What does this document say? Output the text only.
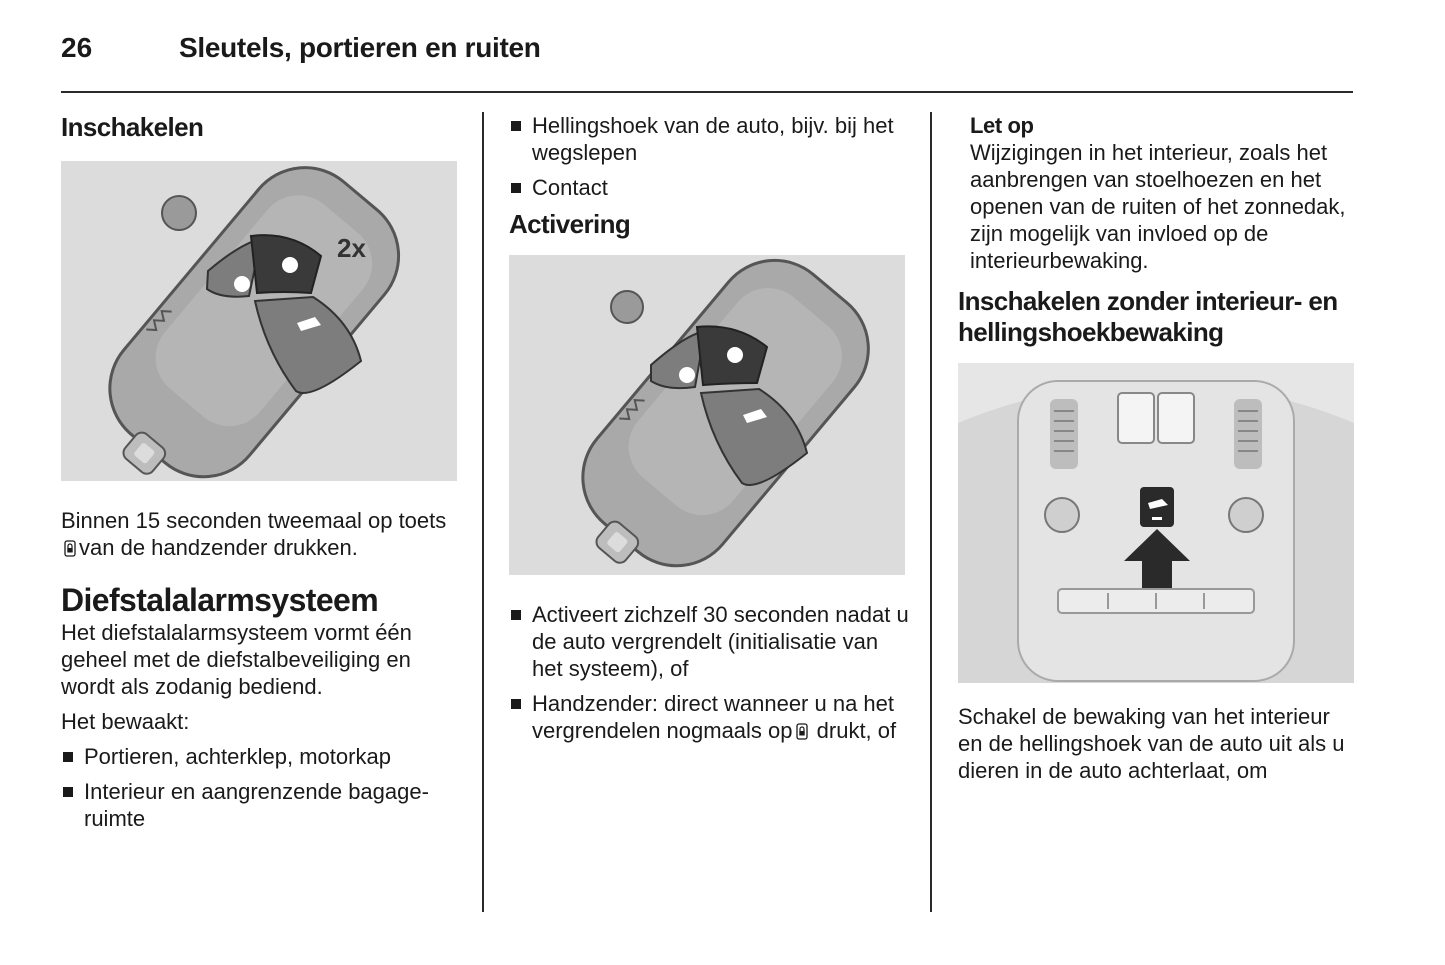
26	Sleutels, portieren en ruiten
Inschakelen
2x

Binnen 15 seconden tweemaal op toetsvan de handzender drukken.

Diefstalalarmsysteem

Het diefstalalarmsysteem vormt één geheel met de diefstalbeveiliging en wordt als zodanig bediend.

Het bewaakt:

Portieren, achterklep, motorkap
Interieur en aangrenzende bagageruimte
Hellingshoek van de auto, bijv. bij het wegslepen
Contact
Activering
Activeert zichzelf 30 seconden nadat u de auto vergrendelt (initialisatie van het systeem), of
Handzender: direct wanneer u na het vergrendelen nogmaals op drukt, of
Let op

Wijzigingen in het interieur, zoals het aanbrengen van stoelhoezen en het openen van de ruiten of het zonnedak, zijn mogelijk van invloed op de interieurbewaking.

Inschakelen zonder interieur- en hellingshoekbewaking

Schakel de bewaking van het interieur en de hellingshoek van de auto uit als u dieren in de auto achterlaat, om
